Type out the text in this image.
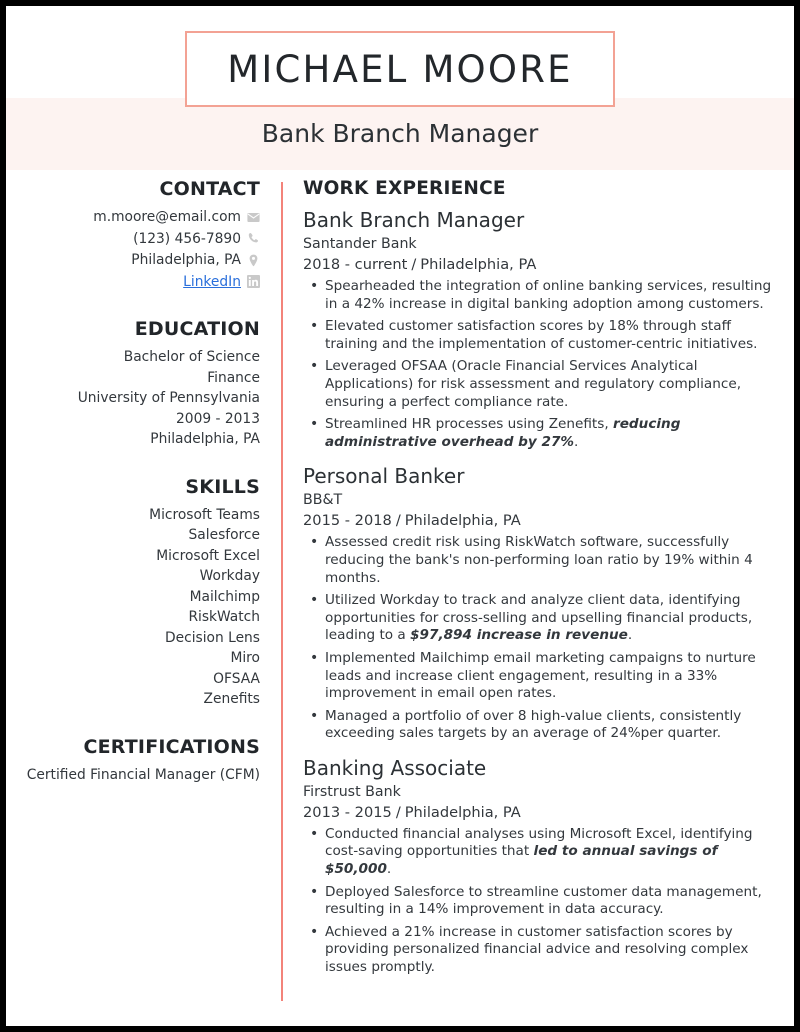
MICHAEL MOORE
Bank Branch Manager
CONTACT
m.moore@email.com
(123) 456-7890
Philadelphia, PA
LinkedIn
EDUCATION
Bachelor of Science
Finance
University of Pennsylvania
2009 - 2013
Philadelphia, PA
SKILLS
Microsoft Teams
Salesforce
Microsoft Excel
Workday
Mailchimp
RiskWatch
Decision Lens
Miro
OFSAA
Zenefits
CERTIFICATIONS
Certified Financial Manager (CFM)
WORK EXPERIENCE
Bank Branch Manager
Santander Bank
2018 - current / Philadelphia, PA
• Spearheaded the integration of online banking services, resulting in a 42% increase in digital banking adoption among customers.
• Elevated customer satisfaction scores by 18% through staff training and the implementation of customer-centric initiatives.
• Leveraged OFSAA (Oracle Financial Services Analytical Applications) for risk assessment and regulatory compliance, ensuring a perfect compliance rate.
• Streamlined HR processes using Zenefits, reducing administrative overhead by 27%.
Personal Banker
BB&T
2015 - 2018 / Philadelphia, PA
• Assessed credit risk using RiskWatch software, successfully reducing the bank's non-performing loan ratio by 19% within 4 months.
• Utilized Workday to track and analyze client data, identifying opportunities for cross-selling and upselling financial products, leading to a $97,894 increase in revenue.
• Implemented Mailchimp email marketing campaigns to nurture leads and increase client engagement, resulting in a 33% improvement in email open rates.
• Managed a portfolio of over 8 high-value clients, consistently exceeding sales targets by an average of 24%per quarter.
Banking Associate
Firstrust Bank
2013 - 2015 / Philadelphia, PA
• Conducted financial analyses using Microsoft Excel, identifying cost-saving opportunities that led to annual savings of $50,000.
• Deployed Salesforce to streamline customer data management, resulting in a 14% improvement in data accuracy.
• Achieved a 21% increase in customer satisfaction scores by providing personalized financial advice and resolving complex issues promptly.
